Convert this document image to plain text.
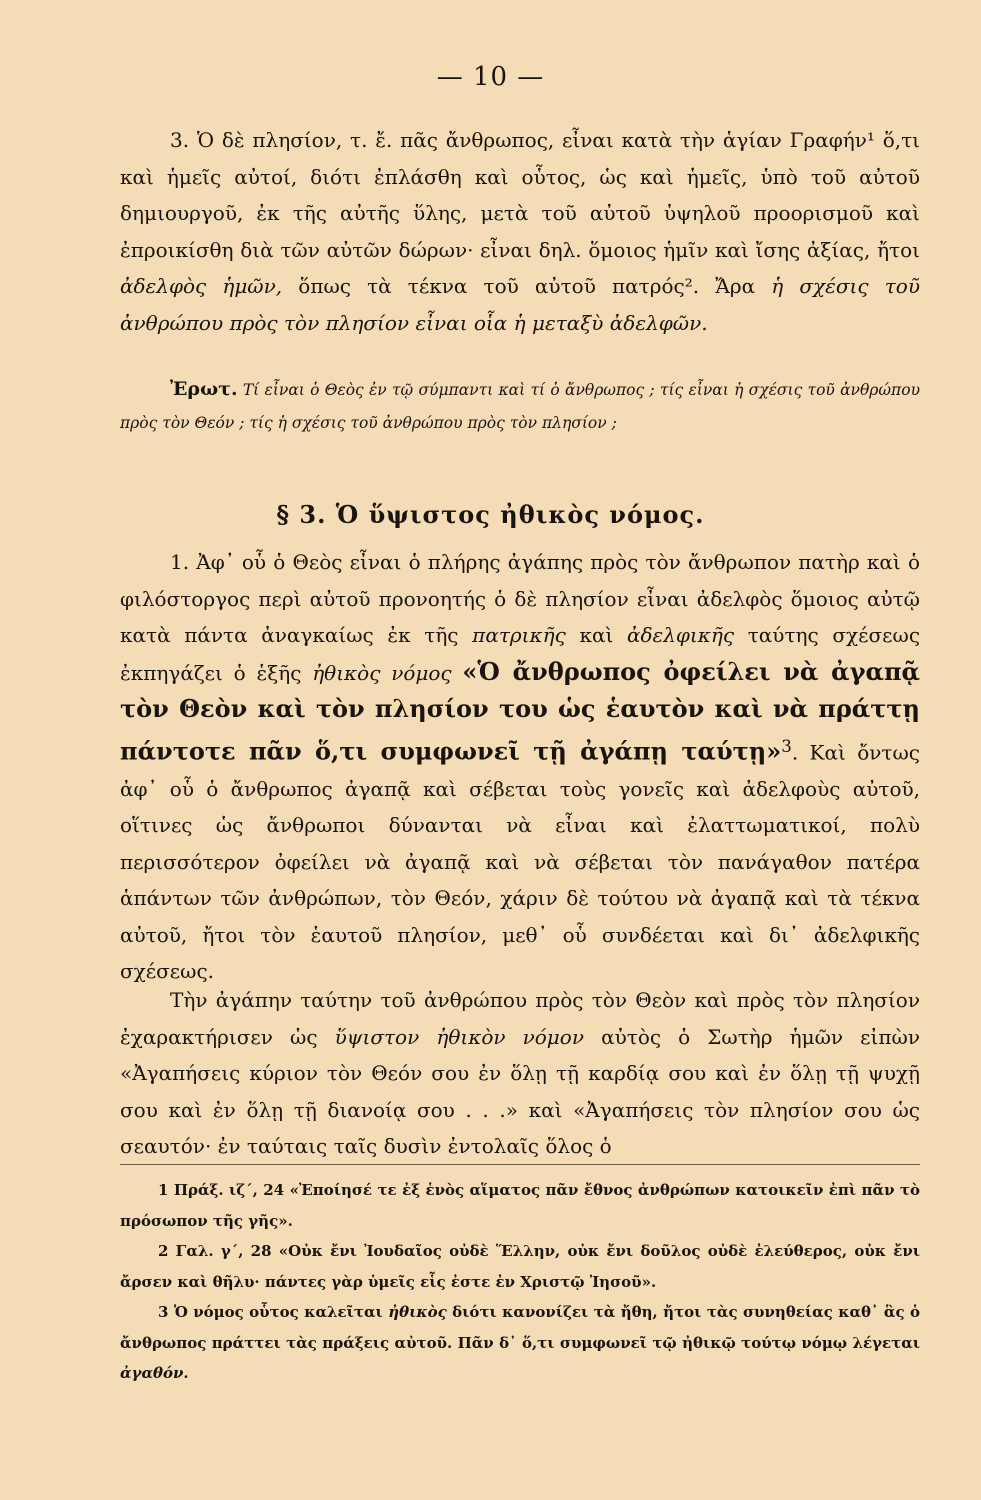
— 10 —
3. Ὁ δὲ πλησίον, τ. ἔ. πᾶς ἄνθρωπος, εἶναι κατὰ τὴν ἁγίαν Γραφήν¹ ὅ,τι καὶ ἡμεῖς αὐτοί, διότι ἐπλάσθη καὶ οὗτος, ὡς καὶ ἡμεῖς, ὑπὸ τοῦ αὐτοῦ δημιουργοῦ, ἐκ τῆς αὐτῆς ὕλης, μετὰ τοῦ αὐτοῦ ὑψηλοῦ προορισμοῦ καὶ ἐπροικίσθη διὰ τῶν αὐτῶν δώρων· εἶναι δηλ. ὅμοιος ἡμῖν καὶ ἴσης ἀξίας, ἤτοι ἀδελφὸς ἡμῶν, ὅπως τὰ τέκνα τοῦ αὐτοῦ πατρός². Ἄρα ἡ σχέσις τοῦ ἀνθρώπου πρὸς τὸν πλησίον εἶναι οἷα ἡ μεταξὺ ἀδελφῶν.
Ἐρωτ. Τί εἶναι ὁ Θεὸς ἐν τῷ σύμπαντι καὶ τί ὁ ἄνθρωπος ; τίς εἶναι ἡ σχέσις τοῦ ἀνθρώπου πρὸς τὸν Θεόν ; τίς ἡ σχέσις τοῦ ἀνθρώπου πρὸς τὸν πλησίον ;
§ 3. Ὁ ὕψιστος ἠθικὸς νόμος.
1. Ἀφ᾽ οὗ ὁ Θεὸς εἶναι ὁ πλήρης ἀγάπης πρὸς τὸν ἄνθρωπον πατὴρ καὶ ὁ φιλόστοργος περὶ αὐτοῦ προνοητής ὁ δὲ πλησίον εἶναι ἀδελφὸς ὅμοιος αὐτῷ κατὰ πάντα ἀναγκαίως ἐκ τῆς πατρικῆς καὶ ἀδελφικῆς ταύτης σχέσεως ἐκπηγάζει ὁ ἑξῆς ἠθικὸς νόμος «Ὁ ἄνθρωπος ὀφείλει νὰ ἀγαπᾷ τὸν Θεὸν καὶ τὸν πλησίον του ὡς ἑαυτὸν καὶ νὰ πράττῃ πάντοτε πᾶν ὅ,τι συμφωνεῖ τῇ ἀγάπῃ ταύτῃ»$^3$. Καὶ ὄντως ἀφ᾽ οὗ ὁ ἄνθρωπος ἀγαπᾷ καὶ σέβεται τοὺς γονεῖς καὶ ἀδελφοὺς αὐτοῦ, οἵτινες ὡς ἄνθρωποι δύνανται νὰ εἶναι καὶ ἐλαττωματικοί, πολὺ περισσότερον ὀφείλει νὰ ἀγαπᾷ καὶ νὰ σέβεται τὸν πανάγαθον πατέρα ἁπάντων τῶν ἀνθρώπων, τὸν Θεόν, χάριν δὲ τούτου νὰ ἀγαπᾷ καὶ τὰ τέκνα αὐτοῦ, ἤτοι τὸν ἑαυτοῦ πλησίον, μεθ᾽ οὗ συνδέεται καὶ δι᾽ ἀδελφικῆς σχέσεως.
Τὴν ἀγάπην ταύτην τοῦ ἀνθρώπου πρὸς τὸν Θεὸν καὶ πρὸς τὸν πλησίον ἐχαρακτήρισεν ὡς ὕψιστον ἠθικὸν νόμον αὐτὸς ὁ Σωτὴρ ἡμῶν εἰπὼν «Ἀγαπήσεις κύριον τὸν Θεόν σου ἐν ὅλῃ τῇ καρδίᾳ σου καὶ ἐν ὅλῃ τῇ ψυχῇ σου καὶ ἐν ὅλῃ τῇ διανοίᾳ σου . . .» καὶ «Ἀγαπήσεις τὸν πλησίον σου ὡς σεαυτόν· ἐν ταύταις ταῖς δυσὶν ἐντολαῖς ὅλος ὁ

1 Πράξ. ιζ΄, 24 «Ἐποίησέ τε ἐξ ἑνὸς αἵματος πᾶν ἔθνος ἀνθρώπων κατοικεῖν ἐπὶ πᾶν τὸ πρόσωπον τῆς γῆς».

2 Γαλ. γ΄, 28 «Οὐκ ἔνι Ἰουδαῖος οὐδὲ Ἕλλην, οὐκ ἔνι δοῦλος οὐδὲ ἐλεύθερος, οὐκ ἔνι ἄρσεν καὶ θῆλυ· πάντες γὰρ ὑμεῖς εἷς ἐστε ἐν Χριστῷ Ἰησοῦ».

3 Ὁ νόμος οὗτος καλεῖται ἠθικὸς διότι κανονίζει τὰ ἤθη, ἤτοι τὰς συνηθείας καθ᾽ ἃς ὁ ἄνθρωπος πράττει τὰς πράξεις αὐτοῦ. Πᾶν δ᾽ ὅ,τι συμφωνεῖ τῷ ἠθικῷ τούτῳ νόμῳ λέγεται ἀγαθόν.
